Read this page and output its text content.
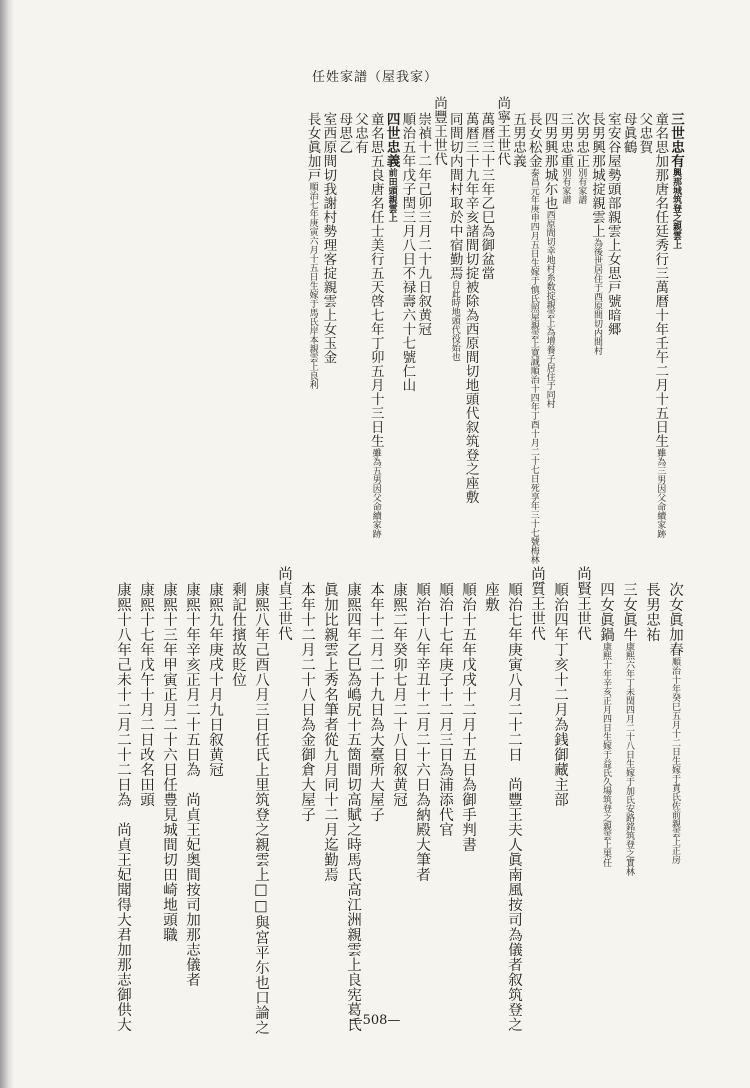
任姓家譜（屋我家）
三世忠有興那城筑登之親雲上
童名思加那唐名任廷秀行三萬暦十年壬午二月十五日生雖為三男因父命續家跡
父忠賀
母眞鶴
室安谷屋勢頭部親雲上女思戸號暗郷
長男興那城掟親雲上為後世居住于西原間切内間村
次男忠正別有家譜
三男忠重別有家譜
四男興那城尓也西原間切幸地村糸数掟親雲上為增養子居住于同村
長女松金泰昌元年庚申四月五日生嫁于慎氏照屋親雲上寛誠順治十四年丁酉十月二十七日死享年三十七號梅林
五男忠義
尚寧王世代
萬暦三十三年乙巳為御盆當
萬暦三十九年辛亥諸間切掟被除為西原間切地頭代叙筑登之座敷
同間切内間村取於中宿勤焉自此時地頭代役始也
尚豐王世代
崇禎十二年己卯三月二十九日叙黄冠
順治五年戊子閏三月八日不禄壽六十七號仁山
四世忠義前田頭親雲上
童名思五良唐名任士美行五天啓七年丁卯五月十三日生雖為五男因父命續家跡
父忠有
母思乙
室西原間切我謝村勢理客掟親雲上女玉金
長女眞加戸順治七年庚寅六月十五日生嫁于馬氏岸本親雲上良利
次女眞加春順治十年癸巳五月十二日生嫁于責氏佐前親雲上正房
長男忠祐
三女眞牛康熙六年丁未閏四月二十八日生嫁于加氏安路銘筑登之實林
四女眞鍋康熙十年辛亥正月四日生嫁于益氏久場筑登之親雲上果任
尚賢王世代
順治四年丁亥十二月為銭御藏主部
尚質王世代
順治七年庚寅八月二十二日　尚豐王夫人眞南風按司為儀者叙筑登之
座敷
順治十五年戊戌十二月十五日為御手判書
順治十七年庚子十二月三日為浦添代官
順治十八年辛丑十二月二十六日為納殿大筆者
康熙二年癸卯七月二十八日叙黄冠
本年十二月二十九日為大臺所大屋子
康熙四年乙巳為嶋尻十五箇間切高賦之時馬氏高江洲親雲上良宪葛氏
眞加比親雲上秀名筆者從九月同十二月迄勤焉
本年十二月二十八日為金御倉大屋子
尚貞王世代
康熙八年己酉八月三日任氏上里筑登之親雲上□□與宮平尓也口論之
剩記仕擯故貶位
康熙九年庚戌十月九日叙黄冠
康熙十年辛亥正月二十五日為　尚貞王妃奥間按司加那志儀者
康熙十三年甲寅正月二十六日任豊見城間切田崎地頭職
康熙十七年戊午十月二日改名田頭
康熙十八年己未十二月二十二日為　尚貞王妃聞得大君加那志御供大	—508—
